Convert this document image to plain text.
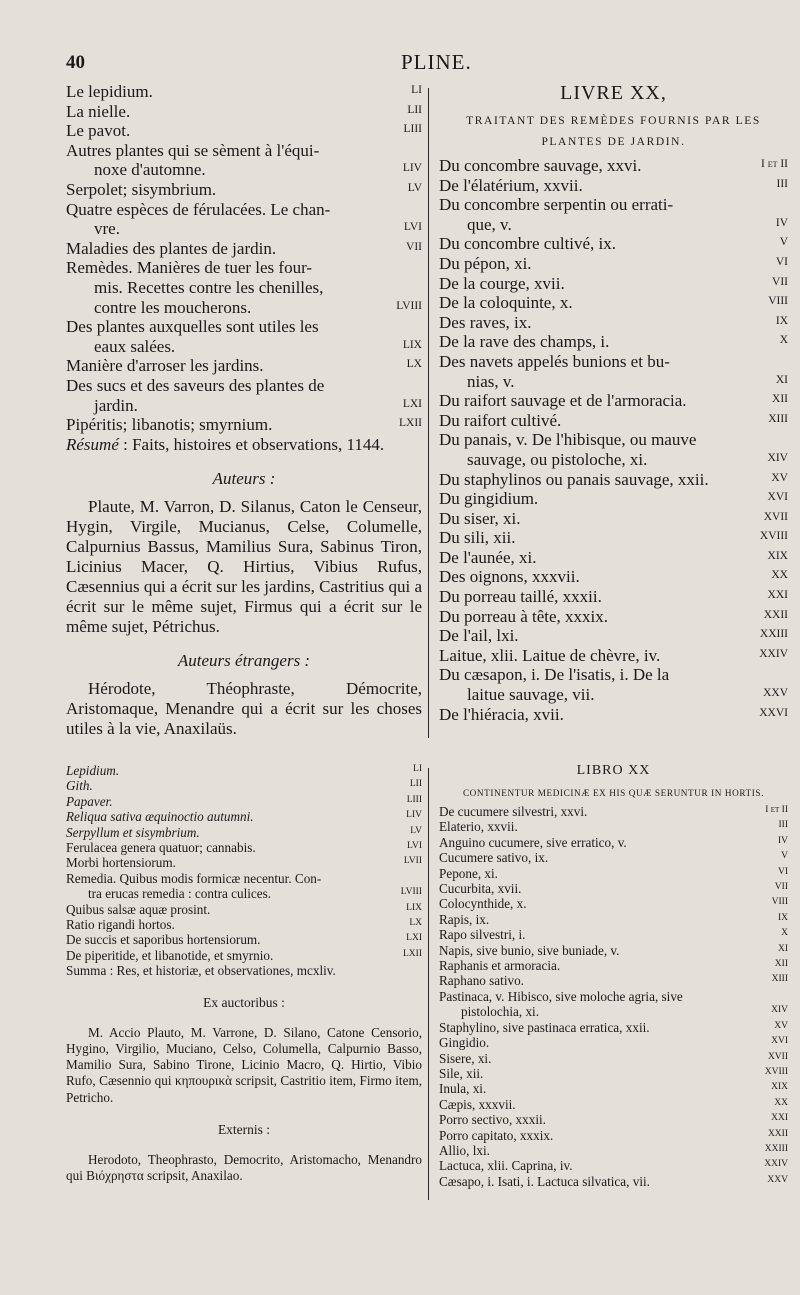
40	PLINE.
Le lepidium.	LI
La nielle.	LII
Le pavot.	LIII
Autres plantes qui se sèment à l'équi-
noxe d'automne.	LIV
Serpolet; sisymbrium.	LV
Quatre espèces de férulacées. Le chan-
vre.	LVI
Maladies des plantes de jardin.	VII
Remèdes. Manières de tuer les four-
mis. Recettes contre les chenilles,
contre les moucherons.	LVIII
Des plantes auxquelles sont utiles les
eaux salées.	LIX
Manière d'arroser les jardins.	LX
Des sucs et des saveurs des plantes de
jardin.	LXI
Pipéritis; libanotis; smyrnium.	LXII
Résumé : Faits, histoires et observations, 1144.
Auteurs :
Plaute, M. Varron, D. Silanus, Caton le Censeur, Hygin, Virgile, Mucianus, Celse, Columelle, Calpurnius Bassus, Mamilius Sura, Sabinus Tiron, Licinius Macer, Q. Hirtius, Vibius Rufus, Cæsennius qui a écrit sur les jardins, Castritius qui a écrit sur le même sujet, Firmus qui a écrit sur le même sujet, Pétrichus.
Auteurs étrangers :
Hérodote, Théophraste, Démocrite, Aristomaque, Menandre qui a écrit sur les choses utiles à la vie, Anaxilaüs.
LIVRE XX,
TRAITANT DES REMÈDES FOURNIS PAR LES
PLANTES DE JARDIN.
Du concombre sauvage, xxvi.	I et II
De l'élatérium, xxvii.	III
Du concombre serpentin ou errati-
que, v.	IV
Du concombre cultivé, ix.	V
Du pépon, xi.	VI
De la courge, xvii.	VII
De la coloquinte, x.	VIII
Des raves, ix.	IX
De la rave des champs, i.	X
Des navets appelés bunions et bu-
nias, v.	XI
Du raifort sauvage et de l'armoracia.	XII
Du raifort cultivé.	XIII
Du panais, v. De l'hibisque, ou mauve
sauvage, ou pistoloche, xi.	XIV
Du staphylinos ou panais sauvage, xxii.	XV
Du gingidium.	XVI
Du siser, xi.	XVII
Du sili, xii.	XVIII
De l'aunée, xi.	XIX
Des oignons, xxxvii.	XX
Du porreau taillé, xxxii.	XXI
Du porreau à tête, xxxix.	XXII
De l'ail, lxi.	XXIII
Laitue, xlii. Laitue de chèvre, iv.	XXIV
Du cæsapon, i. De l'isatis, i. De la
laitue sauvage, vii.	XXV
De l'hiéracia, xvii.	XXVI
Lepidium.	LI
Gith.	LII
Papaver.	LIII
Reliqua sativa æquinoctio autumni.	LIV
Serpyllum et sisymbrium.	LV
Ferulacea genera quatuor; cannabis.	LVI
Morbi hortensiorum.	LVII
Remedia. Quibus modis formicæ necentur. Con-
tra erucas remedia : contra culices.	LVIII
Quibus salsæ aquæ prosint.	LIX
Ratio rigandi hortos.	LX
De succis et saporibus hortensiorum.	LXI
De piperitide, et libanotide, et smyrnio.	LXII
Summa : Res, et historiæ, et observationes, mcxliv.
Ex auctoribus :
M. Accio Plauto, M. Varrone, D. Silano, Catone Censorio, Hygino, Virgilio, Muciano, Celso, Columella, Calpurnio Basso, Mamilio Sura, Sabino Tirone, Licinio Macro, Q. Hirtio, Vibio Rufo, Cæsennio qui κηπουρικὰ scripsit, Castritio item, Firmo item, Petricho.
Externis :
Herodoto, Theophrasto, Democrito, Aristomacho, Menandro qui Βιόχρηστα scripsit, Anaxilao.
LIBRO XX
CONTINENTUR MEDICINÆ EX HIS QUÆ SERUNTUR IN HORTIS.
De cucumere silvestri, xxvi.	I et II
Elaterio, xxvii.	III
Anguino cucumere, sive erratico, v.	IV
Cucumere sativo, ix.	V
Pepone, xi.	VI
Cucurbita, xvii.	VII
Colocynthide, x.	VIII
Rapis, ix.	IX
Rapo silvestri, i.	X
Napis, sive bunio, sive buniade, v.	XI
Raphanis et armoracia.	XII
Raphano sativo.	XIII
Pastinaca, v. Hibisco, sive moloche agria, sive
pistolochia, xi.	XIV
Staphylino, sive pastinaca erratica, xxii.	XV
Gingidio.	XVI
Sisere, xi.	XVII
Sile, xii.	XVIII
Inula, xi.	XIX
Cæpis, xxxvii.	XX
Porro sectivo, xxxii.	XXI
Porro capitato, xxxix.	XXII
Allio, lxi.	XXIII
Lactuca, xlii. Caprina, iv.	XXIV
Cæsapo, i. Isati, i. Lactuca silvatica, vii.	XXV
